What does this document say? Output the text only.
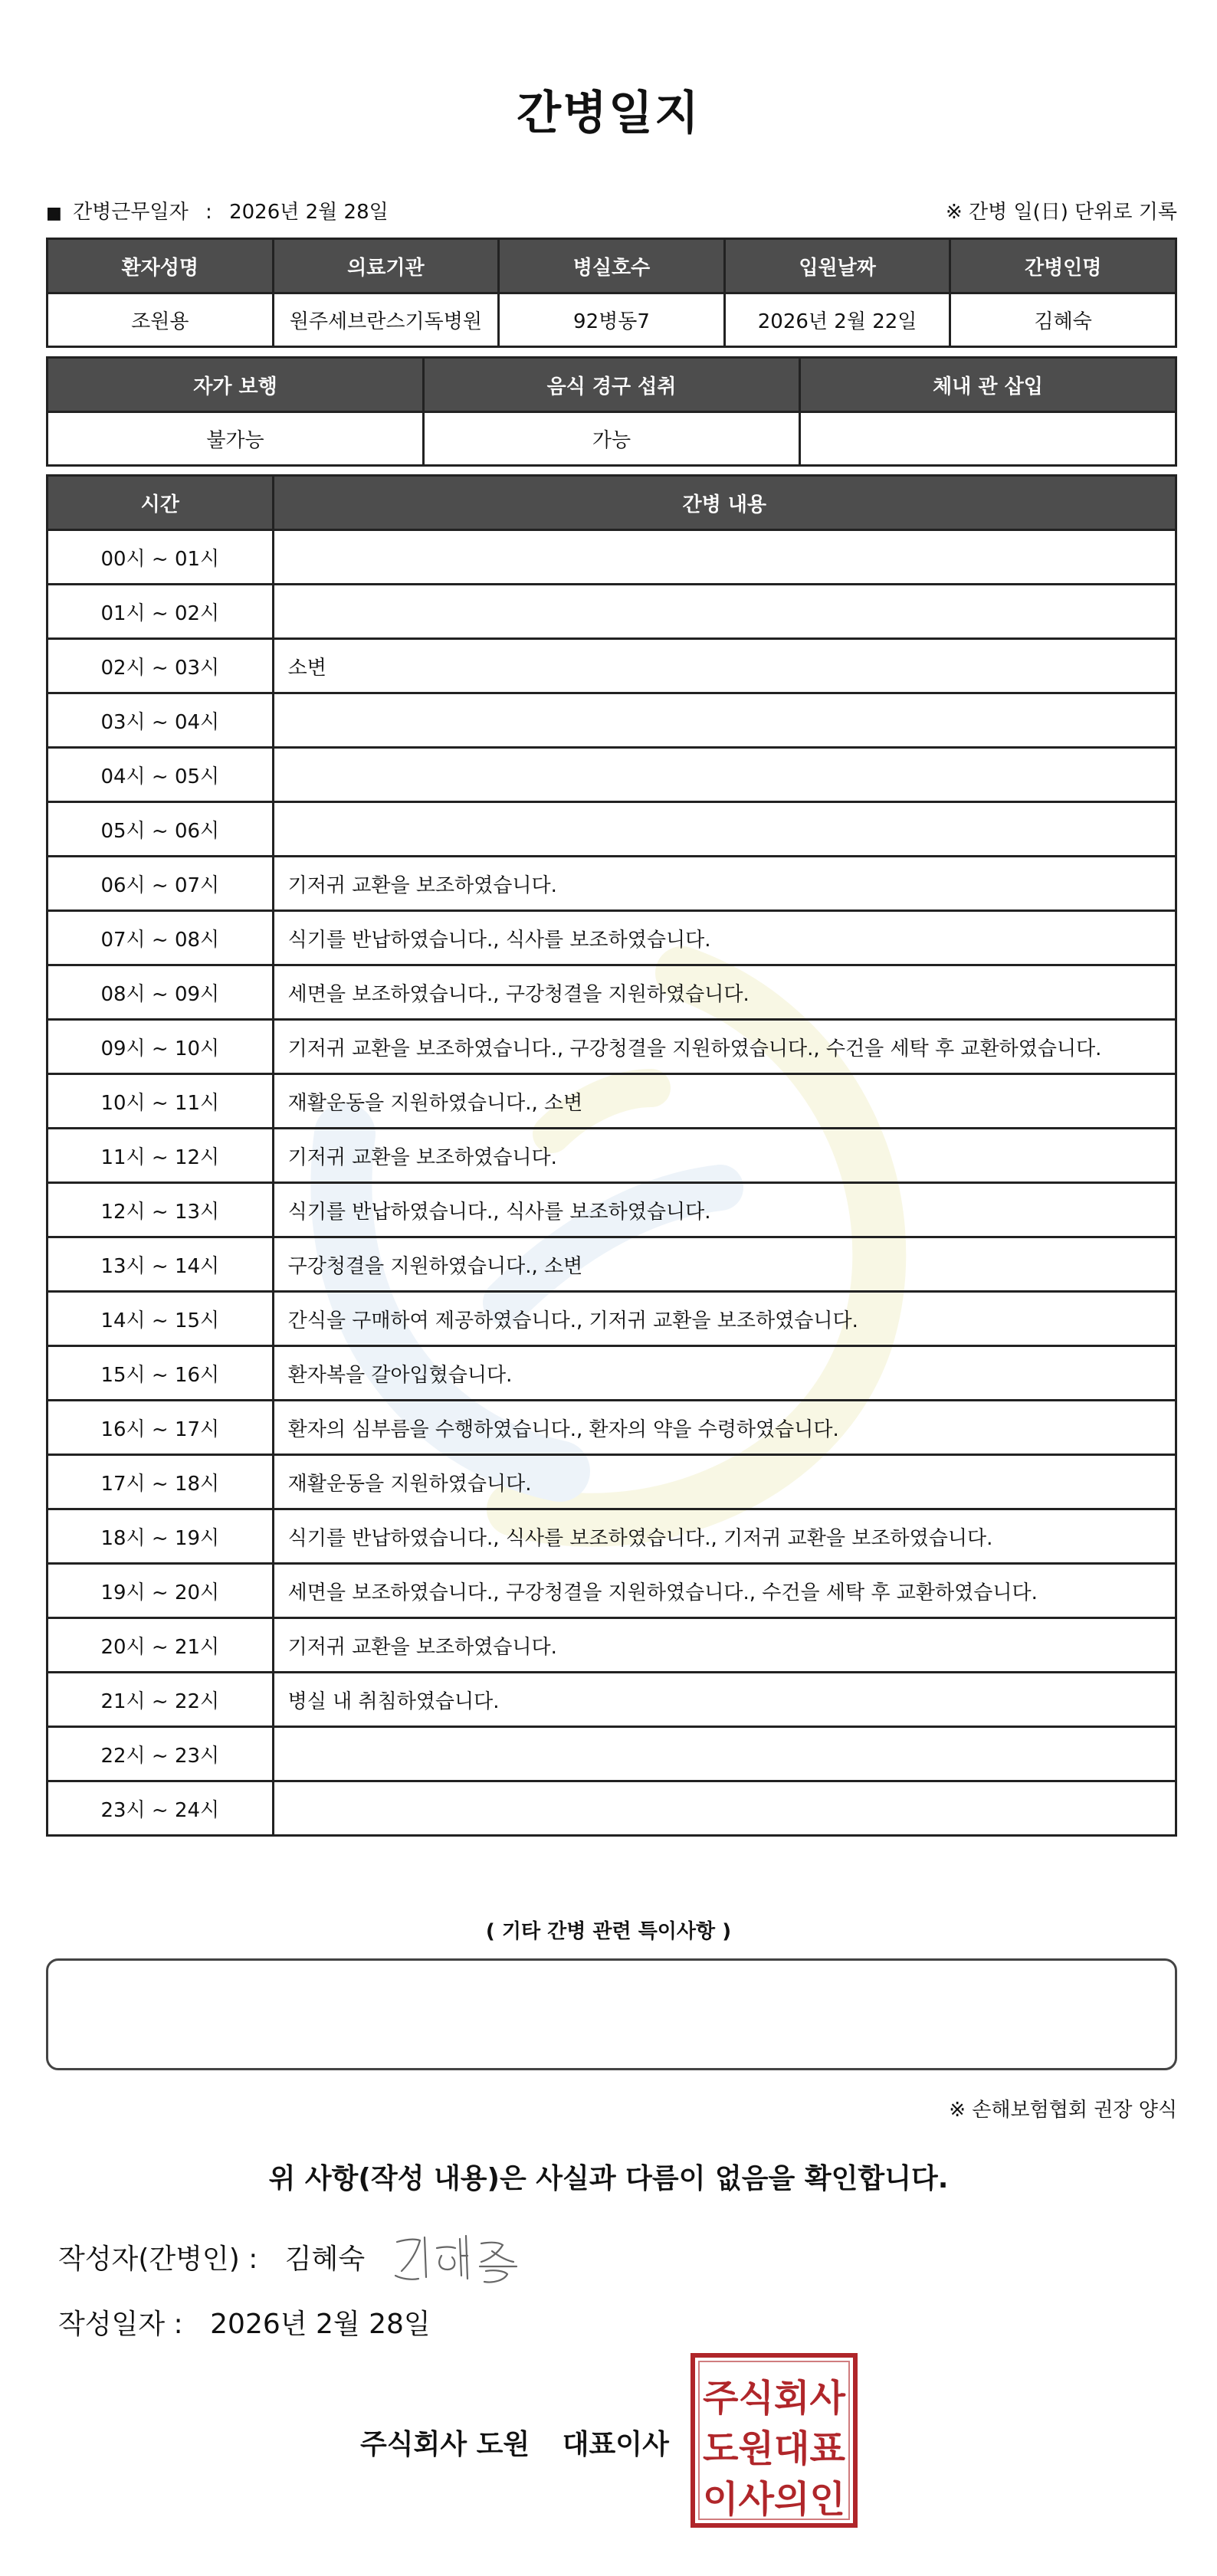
간병일지
■ 간병근무일자 : 2026년 2월 28일	※ 간병 일(日) 단위로 기록
환자성명	의료기관	병실호수	입원날짜	간병인명
조원용	원주세브란스기독병원	92병동7	2026년 2월 22일	김혜숙
자가 보행	음식 경구 섭취	체내 관 삽입
불가능	가능	
시간	간병 내용
00시 ~ 01시	
01시 ~ 02시	
02시 ~ 03시	소변
03시 ~ 04시	
04시 ~ 05시	
05시 ~ 06시	
06시 ~ 07시	기저귀 교환을 보조하였습니다.
07시 ~ 08시	식기를 반납하였습니다., 식사를 보조하였습니다.
08시 ~ 09시	세면을 보조하였습니다., 구강청결을 지원하였습니다.
09시 ~ 10시	기저귀 교환을 보조하였습니다., 구강청결을 지원하였습니다., 수건을 세탁 후 교환하였습니다.
10시 ~ 11시	재활운동을 지원하였습니다., 소변
11시 ~ 12시	기저귀 교환을 보조하였습니다.
12시 ~ 13시	식기를 반납하였습니다., 식사를 보조하였습니다.
13시 ~ 14시	구강청결을 지원하였습니다., 소변
14시 ~ 15시	간식을 구매하여 제공하였습니다., 기저귀 교환을 보조하였습니다.
15시 ~ 16시	환자복을 갈아입혔습니다.
16시 ~ 17시	환자의 심부름을 수행하였습니다., 환자의 약을 수령하였습니다.
17시 ~ 18시	재활운동을 지원하였습니다.
18시 ~ 19시	식기를 반납하였습니다., 식사를 보조하였습니다., 기저귀 교환을 보조하였습니다.
19시 ~ 20시	세면을 보조하였습니다., 구강청결을 지원하였습니다., 수건을 세탁 후 교환하였습니다.
20시 ~ 21시	기저귀 교환을 보조하였습니다.
21시 ~ 22시	병실 내 취침하였습니다.
22시 ~ 23시	
23시 ~ 24시	
( 기타 간병 관련 특이사항 )
※ 손해보험협회 권장 양식
위 사항(작성 내용)은 사실과 다름이 없음을 확인합니다.
작성자(간병인) : 김혜숙
작성일자 : 2026년 2월 28일
주식회사 도원 대표이사
주식회사
도원대표
이사의인
